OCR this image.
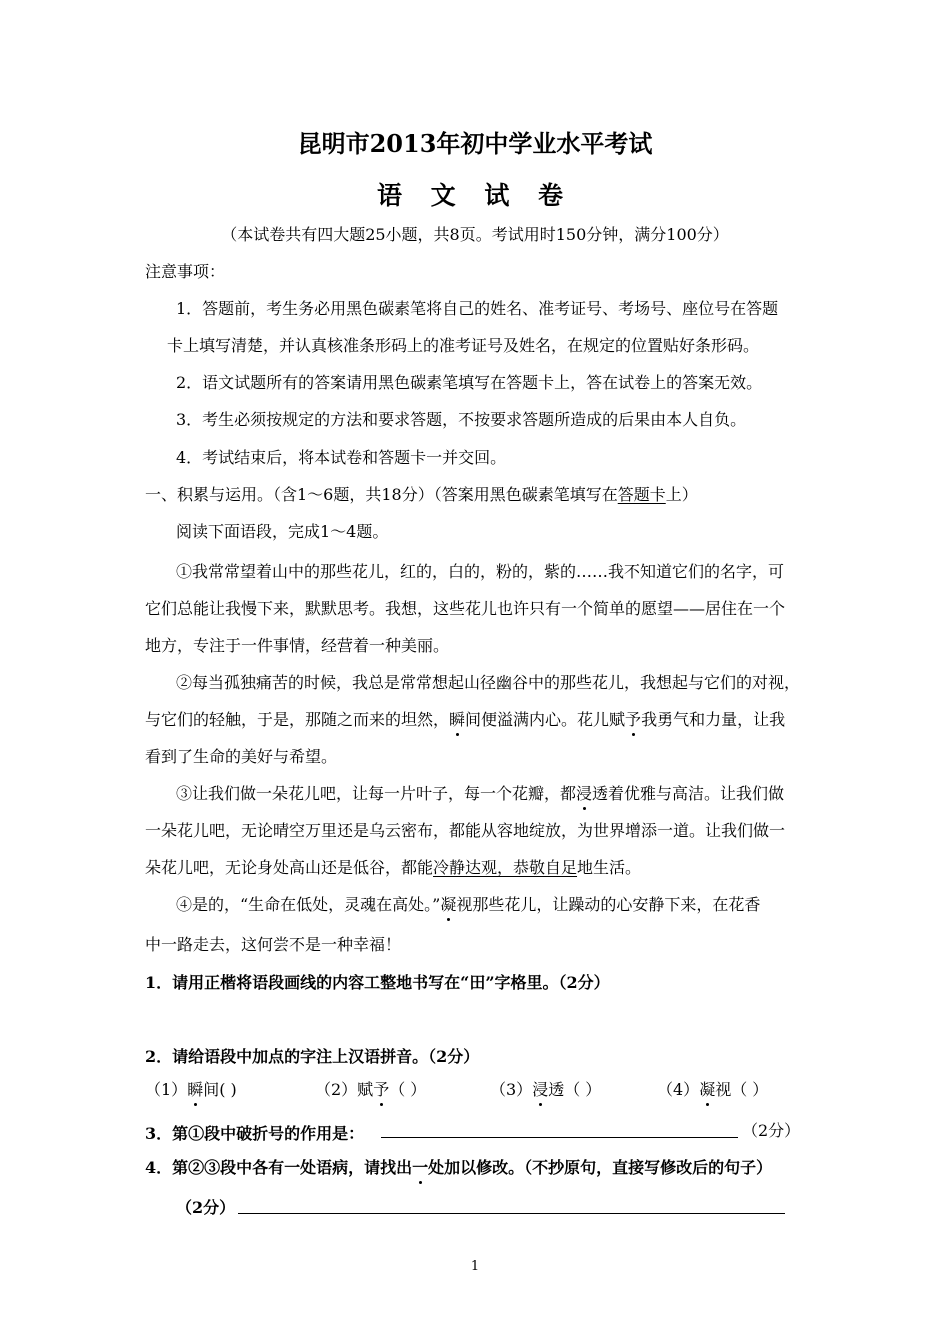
昆明市2013年初中学业水平考试
语 文 试 卷
（本试卷共有四大题25小题，共8页。考试用时150分钟，满分100分）
注意事项：
1．答题前，考生务必用黑色碳素笔将自己的姓名、准考证号、考场号、座位号在答题
卡上填写清楚，并认真核准条形码上的准考证号及姓名，在规定的位置贴好条形码。
2．语文试题所有的答案请用黑色碳素笔填写在答题卡上，答在试卷上的答案无效。
3．考生必须按规定的方法和要求答题，不按要求答题所造成的后果由本人自负。
4．考试结束后，将本试卷和答题卡一并交回。
一、积累与运用。（含1～6题，共18分）（答案用黑色碳素笔填写在答题卡上）
阅读下面语段，完成1～4题。
①我常常望着山中的那些花儿，红的，白的，粉的，紫的……我不知道它们的名字，可
它们总能让我慢下来，默默思考。我想，这些花儿也许只有一个简单的愿望——居住在一个
地方，专注于一件事情，经营着一种美丽。
②每当孤独痛苦的时候，我总是常常想起山径幽谷中的那些花儿，我想起与它们的对视，
与它们的轻触，于是，那随之而来的坦然，瞬间便溢满内心。花儿赋予我勇气和力量，让我
看到了生命的美好与希望。
③让我们做一朵花儿吧，让每一片叶子，每一个花瓣，都浸透着优雅与高洁。让我们做
一朵花儿吧，无论晴空万里还是乌云密布，都能从容地绽放，为世界增添一道。让我们做一
朵花儿吧，无论身处高山还是低谷，都能冷静达观，恭敬自足地生活。
④是的，“生命在低处，灵魂在高处。”凝视那些花儿，让躁动的心安静下来，在花香
中一路走去，这何尝不是一种幸福！
1．请用正楷将语段画线的内容工整地书写在“田”字格里。（2分）
2．请给语段中加点的字注上汉语拼音。（2分）
（1）瞬间( )	（2）赋予（ ）	（3）浸透（ ）	（4）凝视（ ）
3．第①段中破折号的作用是：	（2分）
4．第②③段中各有一处语病，请找出一处加以修改。（不抄原句，直接写修改后的句子）
（2分）
1
